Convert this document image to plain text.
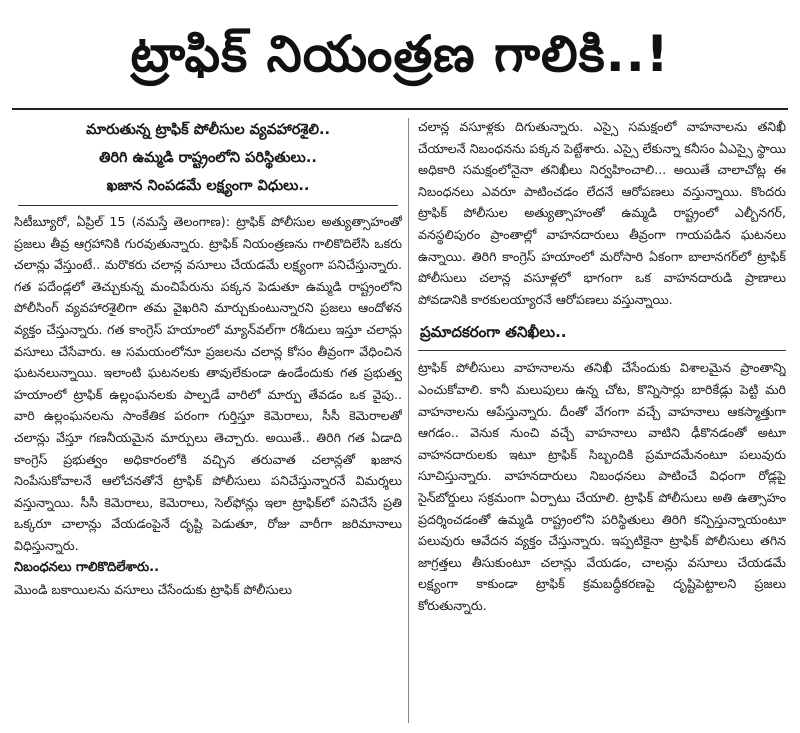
ట్రాఫిక్ నియంత్రణ గాలికి..!
మారుతున్న ట్రాఫిక్ పోలీసుల వ్యవహారశైలి..
తిరిగి ఉమ్మడి రాష్ట్రంలోని పరిస్థితులు..
ఖజాన నింపడమే లక్ష్యంగా విధులు..

సిటీబ్యూరో, ఏప్రిల్ 15 (నమస్తే తెలంగాణ): ట్రాఫిక్ పోలీసుల అత్యుత్సాహంతో ప్రజలు తీవ్ర ఆగ్రహానికి గురవుతున్నారు. ట్రాఫిక్ నియంత్రణను గాలికొదిలేసి ఒకరు చలాన్లు వేస్తుంటే.. మరొకరు చలాన్ల వసూలు చేయడమే లక్ష్యంగా పనిచేస్తున్నారు. గత పదేండ్లలో తెచ్చుకున్న మంచిపేరును పక్కన పెడుతూ ఉమ్మడి రాష్ట్రంలోని పోలీసింగ్ వ్యవహారశైలిగా తమ వైఖరిని మార్చుకుంటున్నారని ప్రజలు ఆందోళన వ్యక్తం చేస్తున్నారు. గత కాంగ్రెస్ హయాంలో మ్యాన్‌వల్‌గా రశీదులు ఇస్తూ చలాన్లు వసూలు చేసేవారు. ఆ సమయంలోనూ ప్రజలను చలాన్ల కోసం తీవ్రంగా వేధించిన ఘటనలున్నాయి. ఇలాంటి ఘటనలకు తావులేకుండా ఉండేందుకు గత ప్రభుత్వ హయాంలో ట్రాఫిక్ ఉల్లంఘనలకు పాల్పడే వారిలో మార్పు తేవడం ఒక వైపు.. వారి ఉల్లంఘనలను సాంకేతిక పరంగా గుర్తిస్తూ కెమెరాలు, సీసీ కెమెరాలతో చలాన్లు వేస్తూ గణనీయమైన మార్పులు తెచ్చారు. అయితే.. తిరిగి గత ఏడాది కాంగ్రెస్ ప్రభుత్వం అధికారంలోకి వచ్చిన తరువాత చలాన్లతో ఖజాన నింపేసుకోవాలనే ఆలోచనతోనే ట్రాఫిక్ పోలీసులు పనిచేస్తున్నారనే విమర్శలు వస్తున్నాయి. సీసీ కెమెరాలు, కెమెరాలు, సెల్‌ఫోన్లు ఇలా ట్రాఫిక్‌లో పనిచేసే ప్రతి ఒక్కరూ చాలాన్లు వేయడంపైనే దృష్టి పెడుతూ, రోజు వారీగా జరిమానాలు విధిస్తున్నారు.

నిబంధనలు గాలికొదిలేశారు..

మొండి బకాయిలను వసూలు చేసేందుకు ట్రాఫిక్ పోలీసులు

చలాన్ల వసూళ్లకు దిగుతున్నారు. ఎస్సై సమక్షంలో వాహనాలను తనిఖీ చేయాలనే నిబంధనను పక్కన పెట్టేశారు. ఎస్సై లేకున్నా కనీసం ఏఎస్సై స్థాయి అధికారి సమక్షంలోనైనా తనిఖీలు నిర్వహించాలి... అయితే చాలాచోట్ల ఈ నిబంధనలు ఎవరూ పాటించడం లేదనే ఆరోపణలు వస్తున్నాయి. కొందరు ట్రాఫిక్ పోలీసుల అత్యుత్సాహంతో ఉమ్మడి రాష్ట్రంలో ఎల్బీనగర్, వనస్థలిపురం ప్రాంతాల్లో వాహనదారులు తీవ్రంగా గాయపడిన ఘటనలు ఉన్నాయి. తిరిగి కాంగ్రెస్ హయాంలో మరోసారి ఏకంగా బాలానగర్‌లో ట్రాఫిక్ పోలీసులు చలాన్ల వసూళ్లలో భాగంగా ఒక వాహనదారుడి ప్రాణాలు పోవడానికి కారకులయ్యారనే ఆరోపణలు వస్తున్నాయి.

ప్రమాదకరంగా తనిఖీలు..

ట్రాఫిక్ పోలీసులు వాహనాలను తనిఖీ చేసేందుకు విశాలమైన ప్రాంతాన్ని ఎంచుకోవాలి. కానీ మలుపులు ఉన్న చోట, కొన్నిసార్లు బారికేడ్లు పెట్టి మరి వాహనాలను ఆపేస్తున్నారు. దీంతో వేగంగా వచ్చే వాహనాలు ఆకస్మాత్తుగా ఆగడం.. వెనుక నుంచి వచ్చే వాహనాలు వాటిని ఢీకొనడంతో అటూ వాహనదారులకు ఇటూ ట్రాఫిక్ సిబ్బందికి ప్రమాదమేనంటూ పలువురు సూచిస్తున్నారు. వాహనదారులు నిబంధనలు పాటించే విధంగా రోడ్లపై సైన్‌బోర్డులు సక్రమంగా ఏర్పాటు చేయాలి. ట్రాఫిక్ పోలీసులు అతి ఉత్సాహం ప్రదర్శించడంతో ఉమ్మడి రాష్ట్రంలోని పరిస్థితులు తిరిగి కన్పిస్తున్నాయంటూ పలువురు ఆవేదన వ్యక్తం చేస్తున్నారు. ఇప్పటికైనా ట్రాఫిక్ పోలీసులు తగిన జాగ్రత్తలు తీసుకుంటూ చలాన్లు వేయడం, చాలన్లు వసూలు చేయడమే లక్ష్యంగా కాకుండా ట్రాఫిక్ క్రమబద్ధీకరణపై దృష్టిపెట్టాలని ప్రజలు కోరుతున్నారు.
